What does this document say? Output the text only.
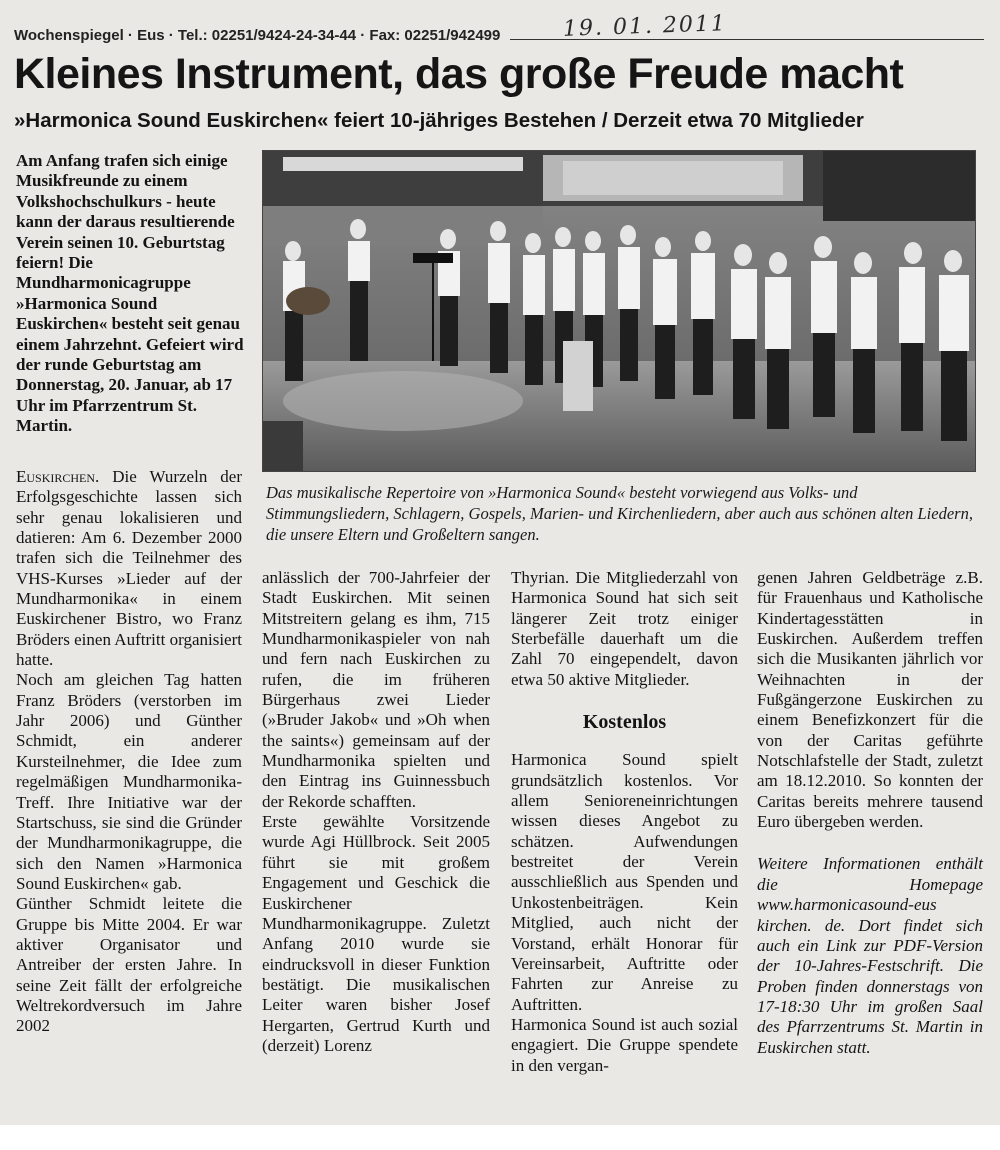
Wochenspiegel · Eus · Tel.: 02251/9424-24-34-44 · Fax: 02251/942499	19. 01. 2011
Kleines Instrument, das große Freude macht
»Harmonica Sound Euskirchen« feiert 10-jähriges Bestehen / Derzeit etwa 70 Mitglieder
Am Anfang trafen sich einige Musikfreunde zu einem Volkshochschulkurs - heute kann der daraus resultierende Verein seinen 10. Geburtstag feiern! Die Mundharmonicagruppe »Harmonica Sound Euskirchen« besteht seit genau einem Jahrzehnt. Gefeiert wird der runde Geburtstag am Donnerstag, 20. Januar, ab 17 Uhr im Pfarrzentrum St. Martin.
Das musikalische Repertoire von »Harmonica Sound« besteht vorwiegend aus Volks- und Stimmungsliedern, Schlagern, Gospels, Marien- und Kirchenliedern, aber auch aus schönen alten Liedern, die unsere Eltern und Großeltern sangen.

Euskirchen. Die Wurzeln der Erfolgsgeschichte lassen sich sehr genau lokalisieren und datieren: Am 6. Dezember 2000 trafen sich die Teilnehmer des VHS-Kurses »Lieder auf der Mundharmonika« in einem Euskirchener Bistro, wo Franz Bröders einen Auftritt organisiert hatte.

Noch am gleichen Tag hatten Franz Bröders (verstorben im Jahr 2006) und Günther Schmidt, ein anderer Kursteilnehmer, die Idee zum regelmäßigen Mundharmonika-Treff. Ihre Initiative war der Startschuss, sie sind die Gründer der Mundharmonikagruppe, die sich den Namen »Harmonica Sound Euskirchen« gab.

Günther Schmidt leitete die Gruppe bis Mitte 2004. Er war aktiver Organisator und Antreiber der ersten Jahre. In seine Zeit fällt der erfolgreiche Weltrekordversuch im Jahre 2002

anlässlich der 700-Jahrfeier der Stadt Euskirchen. Mit seinen Mitstreitern gelang es ihm, 715 Mundharmonikaspieler von nah und fern nach Euskirchen zu rufen, die im früheren Bürgerhaus zwei Lieder (»Bruder Jakob« und »Oh when the saints«) gemeinsam auf der Mundharmonika spielten und den Eintrag ins Guinnessbuch der Rekorde schafften.

Erste gewählte Vorsitzende wurde Agi Hüllbrock. Seit 2005 führt sie mit großem Engagement und Geschick die Euskirchener Mundharmonikagruppe. Zuletzt Anfang 2010 wurde sie eindrucksvoll in dieser Funktion bestätigt. Die musikalischen Leiter waren bisher Josef Hergarten, Gertrud Kurth und (derzeit) Lorenz

Thyrian. Die Mitgliederzahl von Harmonica Sound hat sich seit längerer Zeit trotz einiger Sterbefälle dauerhaft um die Zahl 70 eingependelt, davon etwa 50 aktive Mitglieder.

Kostenlos

Harmonica Sound spielt grundsätzlich kostenlos. Vor allem Senioreneinrichtungen wissen dieses Angebot zu schätzen. Aufwendungen bestreitet der Verein ausschließlich aus Spenden und Unkostenbeiträgen. Kein Mitglied, auch nicht der Vorstand, erhält Honorar für Vereinsarbeit, Auftritte oder Fahrten zur Anreise zu Auftritten.

Harmonica Sound ist auch sozial engagiert. Die Gruppe spendete in den vergan-

genen Jahren Geldbeträge z.B. für Frauenhaus und Katholische Kindertagesstätten in Euskirchen. Außerdem treffen sich die Musikanten jährlich vor Weihnachten in der Fußgängerzone Euskirchen zu einem Benefizkonzert für die von der Caritas geführte Notschlafstelle der Stadt, zuletzt am 18.12.2010. So konnten der Caritas bereits mehrere tausend Euro übergeben werden.

Weitere Informationen enthält die Homepage www.harmonicasound-eus kirchen. de. Dort findet sich auch ein Link zur PDF-Version der 10-Jahres-Festschrift. Die Proben finden donnerstags von 17-18:30 Uhr im großen Saal des Pfarrzentrums St. Martin in Euskirchen statt.
